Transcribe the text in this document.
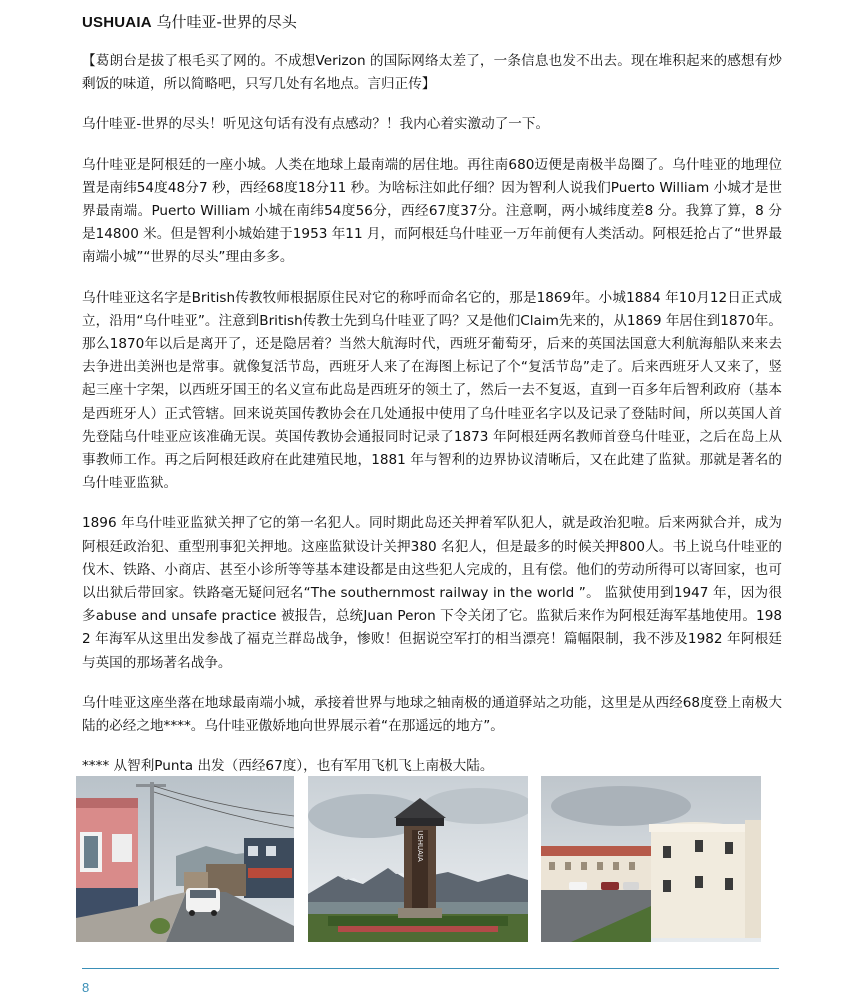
USHUAIA 乌什哇亚-世界的尽头

【葛朗台是拔了根毛买了网的。不成想Verizon 的国际网络太差了，一条信息也发不出去。现在堆积起来的感想有炒剩饭的味道，所以简略吧，只写几处有名地点。言归正传】

乌什哇亚-世界的尽头！听见这句话有没有点感动？！我内心着实激动了一下。

乌什哇亚是阿根廷的一座小城。人类在地球上最南端的居住地。再往南680迈便是南极半岛圈了。乌什哇亚的地理位置是南纬54度48分7 秒，西经68度18分11 秒。为啥标注如此仔细？因为智利人说我们Puerto William 小城才是世界最南端。Puerto William 小城在南纬54度56分，西经67度37分。注意啊，两小城纬度差8 分。我算了算，8 分是14800 米。但是智利小城始建于1953 年11 月，而阿根廷乌什哇亚一万年前便有人类活动。阿根廷抢占了“世界最南端小城”“世界的尽头”理由多多。

乌什哇亚这名字是British传教牧师根据原住民对它的称呼而命名它的，那是1869年。小城1884 年10月12日正式成立，沿用“乌什哇亚”。注意到British传教士先到乌什哇亚了吗？又是他们Claim先来的，从1869 年居住到1870年。那么1870年以后是离开了，还是隐居着？当然大航海时代，西班牙葡萄牙，后来的英国法国意大利航海船队来来去去争进出美洲也是常事。就像复活节岛，西班牙人来了在海图上标记了个“复活节岛”走了。后来西班牙人又来了，竖起三座十字架，以西班牙国王的名义宣布此岛是西班牙的领土了，然后一去不复返，直到一百多年后智利政府（基本是西班牙人）正式管辖。回来说英国传教协会在几处通报中使用了乌什哇亚名字以及记录了登陆时间，所以英国人首先登陆乌什哇亚应该准确无误。英国传教协会通报同时记录了1873 年阿根廷两名教师首登乌什哇亚，之后在岛上从事教师工作。再之后阿根廷政府在此建殖民地，1881 年与智利的边界协议清晰后，又在此建了监狱。那就是著名的乌什哇亚监狱。

1896 年乌什哇亚监狱关押了它的第一名犯人。同时期此岛还关押着军队犯人，就是政治犯啦。后来两狱合并，成为阿根廷政治犯、重型刑事犯关押地。这座监狱设计关押380 名犯人，但是最多的时候关押800人。书上说乌什哇亚的伐木、铁路、小商店、甚至小诊所等等基本建设都是由这些犯人完成的，且有偿。他们的劳动所得可以寄回家，也可以出狱后带回家。铁路毫无疑问冠名“The southernmost railway in the world ”。 监狱使用到1947 年，因为很多abuse and unsafe practice 被报告，总统Juan Peron 下令关闭了它。监狱后来作为阿根廷海军基地使用。1982 年海军从这里出发参战了福克兰群岛战争，惨败！但据说空军打的相当漂亮！篇幅限制，我不涉及1982 年阿根廷与英国的那场著名战争。

乌什哇亚这座坐落在地球最南端小城，承接着世界与地球之轴南极的通道驿站之功能，这里是从西经68度登上南极大陆的必经之地****。乌什哇亚傲娇地向世界展示着“在那遥远的地方”。

**** 从智利Punta 出发（西经67度），也有军用飞机飞上南极大陆。

USHUAIA
8
